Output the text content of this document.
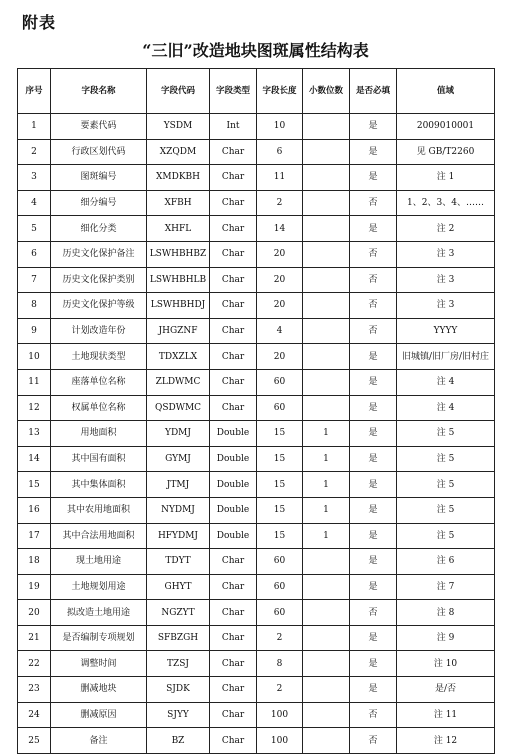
附表
“三旧”改造地块图斑属性结构表
序号	字段名称	字段代码	字段类型	字段长度	小数位数	是否必填	值域
1	要素代码	YSDM	Int	10		是	2009010001
2	行政区划代码	XZQDM	Char	6		是	见 GB/T2260
3	图斑编号	XMDKBH	Char	11		是	注 1
4	细分编号	XFBH	Char	2		否	1、2、3、4、……
5	细化分类	XHFL	Char	14		是	注 2
6	历史文化保护备注	LSWHBHBZ	Char	20		否	注 3
7	历史文化保护类别	LSWHBHLB	Char	20		否	注 3
8	历史文化保护等级	LSWHBHDJ	Char	20		否	注 3
9	计划改造年份	JHGZNF	Char	4		否	YYYY
10	土地现状类型	TDXZLX	Char	20		是	旧城镇/旧厂房/旧村庄
11	座落单位名称	ZLDWMC	Char	60		是	注 4
12	权属单位名称	QSDWMC	Char	60		是	注 4
13	用地面积	YDMJ	Double	15	1	是	注 5
14	其中国有面积	GYMJ	Double	15	1	是	注 5
15	其中集体面积	JTMJ	Double	15	1	是	注 5
16	其中农用地面积	NYDMJ	Double	15	1	是	注 5
17	其中合法用地面积	HFYDMJ	Double	15	1	是	注 5
18	现土地用途	TDYT	Char	60		是	注 6
19	土地规划用途	GHYT	Char	60		是	注 7
20	拟改造土地用途	NGZYT	Char	60		否	注 8
21	是否编制专项规划	SFBZGH	Char	2		是	注 9
22	调整时间	TZSJ	Char	8		是	注 10
23	删减地块	SJDK	Char	2		是	是/否
24	删减原因	SJYY	Char	100		否	注 11
25	备注	BZ	Char	100		否	注 12
